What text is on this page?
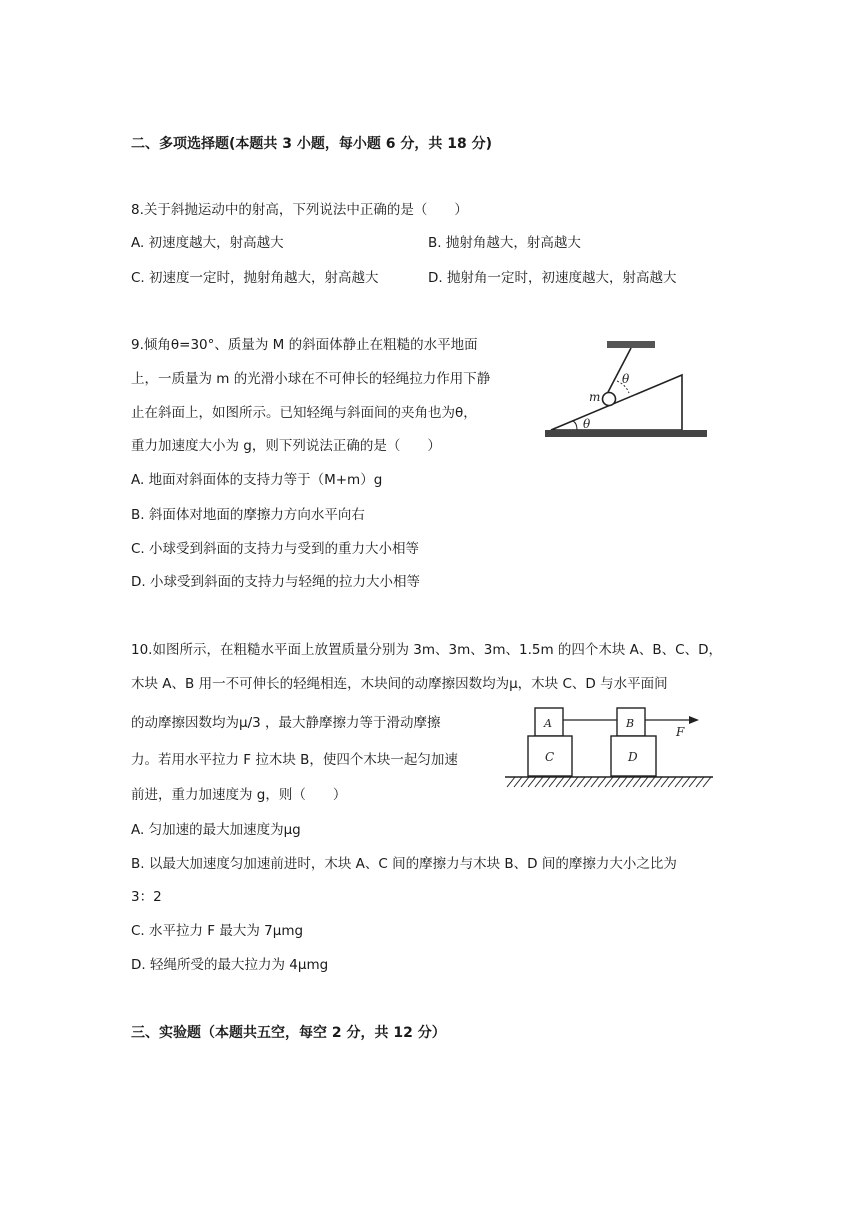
二、多项选择题(本题共 3 小题，每小题 6 分，共 18 分)
8.关于斜抛运动中的射高，下列说法中正确的是（　　）
A. 初速度越大，射高越大	B. 抛射角越大，射高越大
C. 初速度一定时，抛射角越大，射高越大	D. 抛射角一定时，初速度越大，射高越大
9.倾角θ=30°、质量为 M 的斜面体静止在粗糙的水平地面
上，一质量为 m 的光滑小球在不可伸长的轻绳拉力作用下静
止在斜面上，如图所示。已知轻绳与斜面间的夹角也为θ，
重力加速度大小为 g，则下列说法正确的是（　　）
A. 地面对斜面体的支持力等于（M+m）g
B. 斜面体对地面的摩擦力方向水平向右
C. 小球受到斜面的支持力与受到的重力大小相等
D. 小球受到斜面的支持力与轻绳的拉力大小相等
m
θ
θ
10.如图所示，在粗糙水平面上放置质量分别为 3m、3m、3m、1.5m 的四个木块 A、B、C、D，
木块 A、B 用一不可伸长的轻绳相连，木块间的动摩擦因数均为μ，木块 C、D 与水平面间
的动摩擦因数均为μ/3 ，最大静摩擦力等于滑动摩擦
力。若用水平拉力 F 拉木块 B，使四个木块一起匀加速
前进，重力加速度为 g，则（　　）
A. 匀加速的最大加速度为μg
B. 以最大加速度匀加速前进时，木块 A、C 间的摩擦力与木块 B、D 间的摩擦力大小之比为
3：2
C. 水平拉力 F 最大为 7μmg
D. 轻绳所受的最大拉力为 4μmg
A	B
F
C	D
三、实验题（本题共五空，每空 2 分，共 12 分）
